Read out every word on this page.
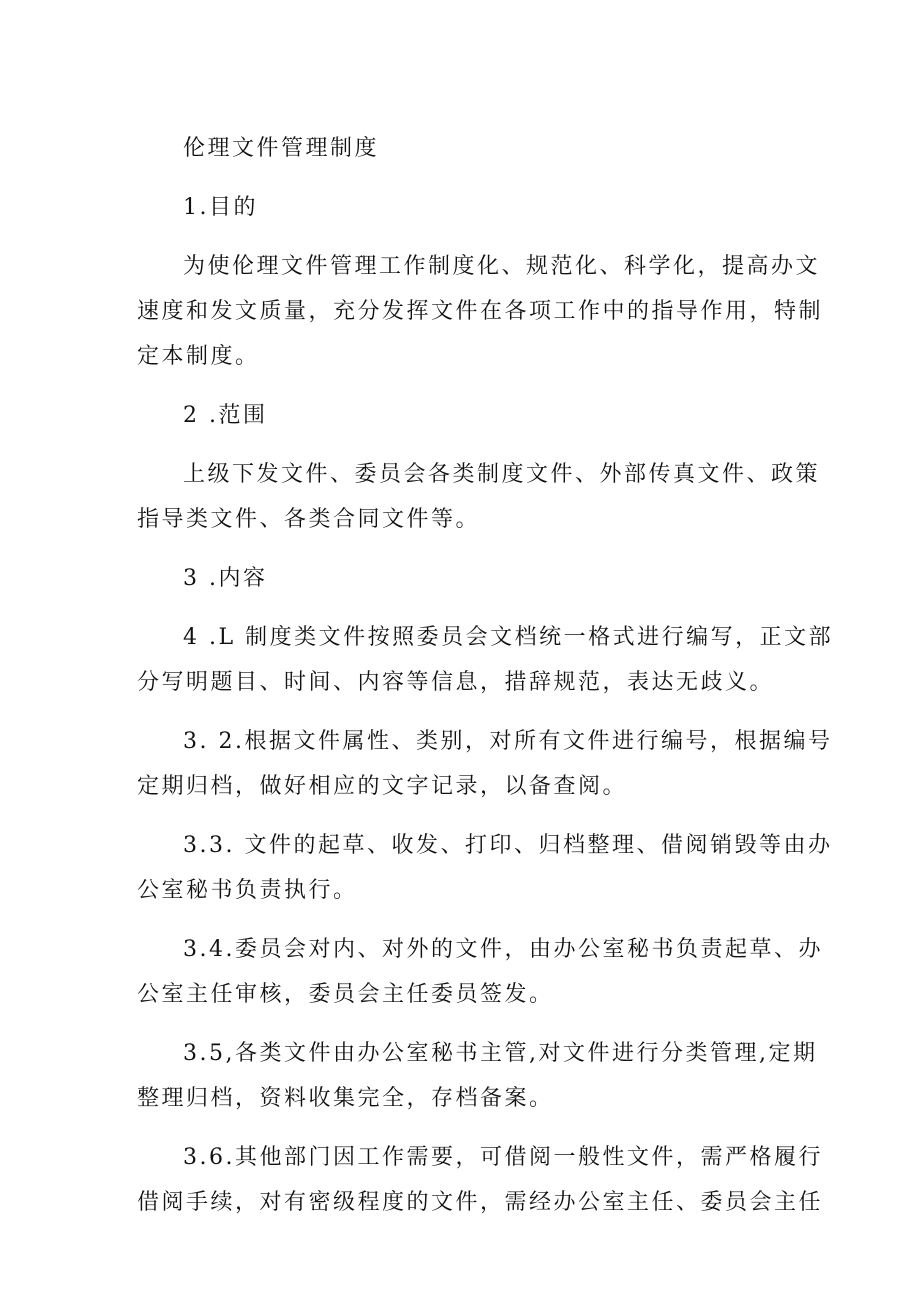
伦理文件管理制度
1.目的
为使伦理文件管理工作制度化、规范化、科学化，提高办文
速度和发文质量，充分发挥文件在各项工作中的指导作用，特制
定本制度。
2 .范围
上级下发文件、委员会各类制度文件、外部传真文件、政策
指导类文件、各类合同文件等。
3 .内容
4 .L 制度类文件按照委员会文档统一格式进行编写，正文部
分写明题目、时间、内容等信息，措辞规范，表达无歧义。
3. 2.根据文件属性、类别，对所有文件进行编号，根据编号
定期归档，做好相应的文字记录，以备查阅。
3.3. 文件的起草、收发、打印、归档整理、借阅销毁等由办
公室秘书负责执行。
3.4.委员会对内、对外的文件，由办公室秘书负责起草、办
公室主任审核，委员会主任委员签发。
3.5,各类文件由办公室秘书主管,对文件进行分类管理,定期
整理归档，资料收集完全，存档备案。
3.6.其他部门因工作需要，可借阅一般性文件，需严格履行
借阅手续，对有密级程度的文件，需经办公室主任、委员会主任
